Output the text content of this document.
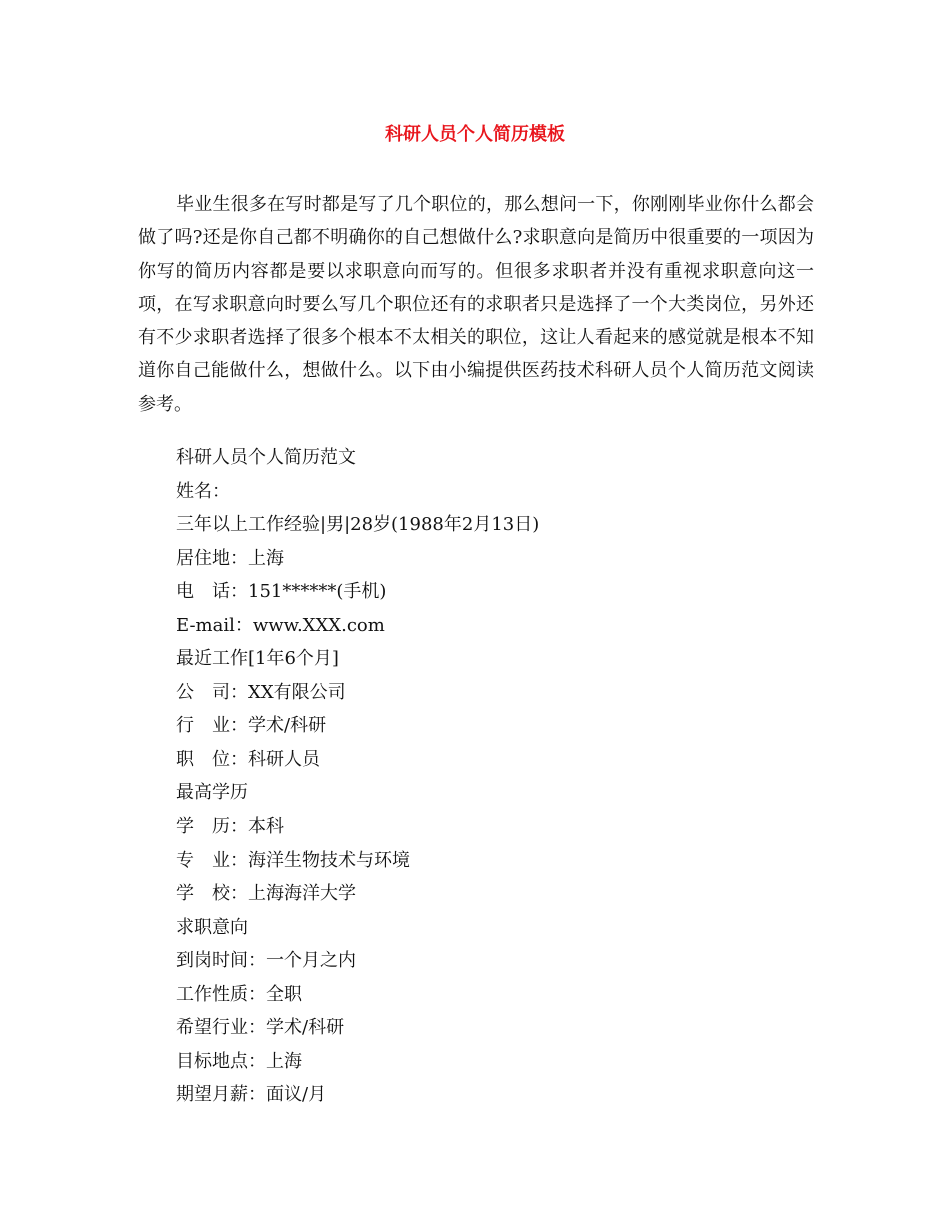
科研人员个人简历模板

毕业生很多在写时都是写了几个职位的，那么想问一下，你刚刚毕业你什么都会做了吗?还是你自己都不明确你的自己想做什么?求职意向是简历中很重要的一项因为你写的简历内容都是要以求职意向而写的。但很多求职者并没有重视求职意向这一项，在写求职意向时要么写几个职位还有的求职者只是选择了一个大类岗位，另外还有不少求职者选择了很多个根本不太相关的职位，这让人看起来的感觉就是根本不知道你自己能做什么，想做什么。以下由小编提供医药技术科研人员个人简历范文阅读参考。

科研人员个人简历范文
姓名：
三年以上工作经验|男|28岁(1988年2月13日)
居住地：上海
电　话：151******(手机)
E-mail：www.XXX.com
最近工作[1年6个月]
公　司：XX有限公司
行　业：学术/科研
职　位：科研人员
最高学历
学　历：本科
专　业：海洋生物技术与环境
学　校：上海海洋大学
求职意向
到岗时间：一个月之内
工作性质：全职
希望行业：学术/科研
目标地点：上海
期望月薪：面议/月
